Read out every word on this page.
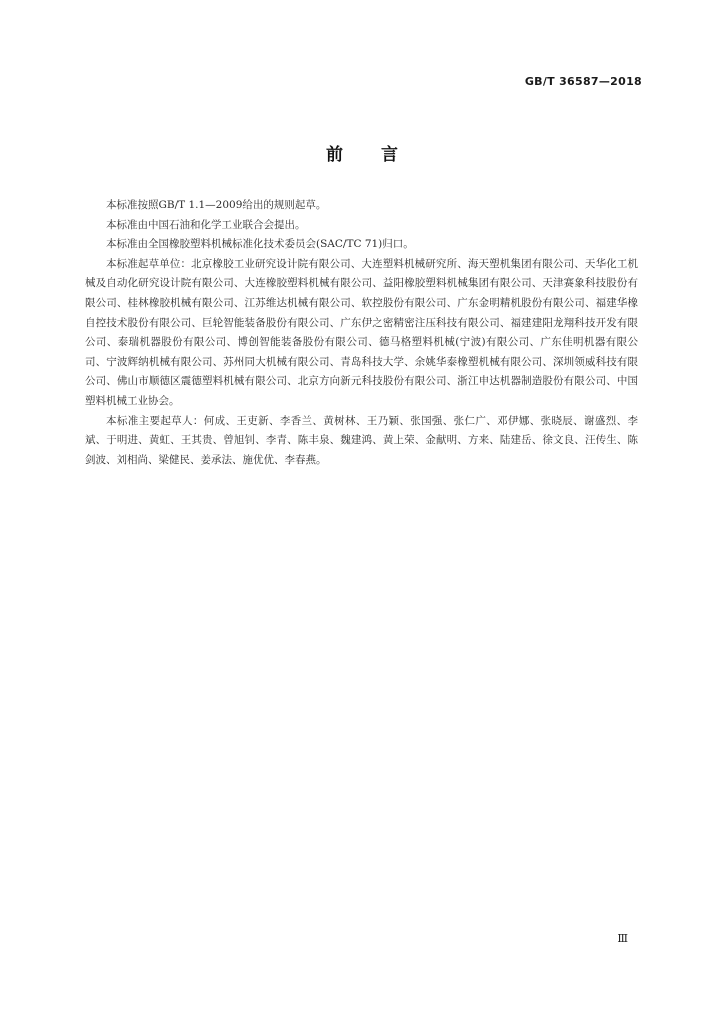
GB/T 36587—2018
前言

本标准按照GB/T 1.1—2009给出的规则起草。

本标准由中国石油和化学工业联合会提出。

本标准由全国橡胶塑料机械标准化技术委员会(SAC/TC 71)归口。

本标准起草单位：北京橡胶工业研究设计院有限公司、大连塑料机械研究所、海天塑机集团有限公司、天华化工机械及自动化研究设计院有限公司、大连橡胶塑料机械有限公司、益阳橡胶塑料机械集团有限公司、天津赛象科技股份有限公司、桂林橡胶机械有限公司、江苏维达机械有限公司、软控股份有限公司、广东金明精机股份有限公司、福建华橡自控技术股份有限公司、巨轮智能装备股份有限公司、广东伊之密精密注压科技有限公司、福建建阳龙翔科技开发有限公司、泰瑞机器股份有限公司、博创智能装备股份有限公司、德马格塑料机械(宁波)有限公司、广东佳明机器有限公司、宁波辉纳机械有限公司、苏州同大机械有限公司、青岛科技大学、余姚华泰橡塑机械有限公司、深圳领威科技有限公司、佛山市顺德区震德塑料机械有限公司、北京方向新元科技股份有限公司、浙江申达机器制造股份有限公司、中国塑料机械工业协会。

本标准主要起草人：何成、王吏新、李香兰、黄树林、王乃颖、张国强、张仁广、邓伊娜、张晓辰、谢盛烈、李斌、于明进、黄虹、王其贵、曾旭钊、李青、陈丰泉、魏建鸿、黄上荣、金献明、方来、陆建岳、徐文良、汪传生、陈剑波、刘相尚、梁健民、姜承法、施优优、李春燕。

Ⅲ
